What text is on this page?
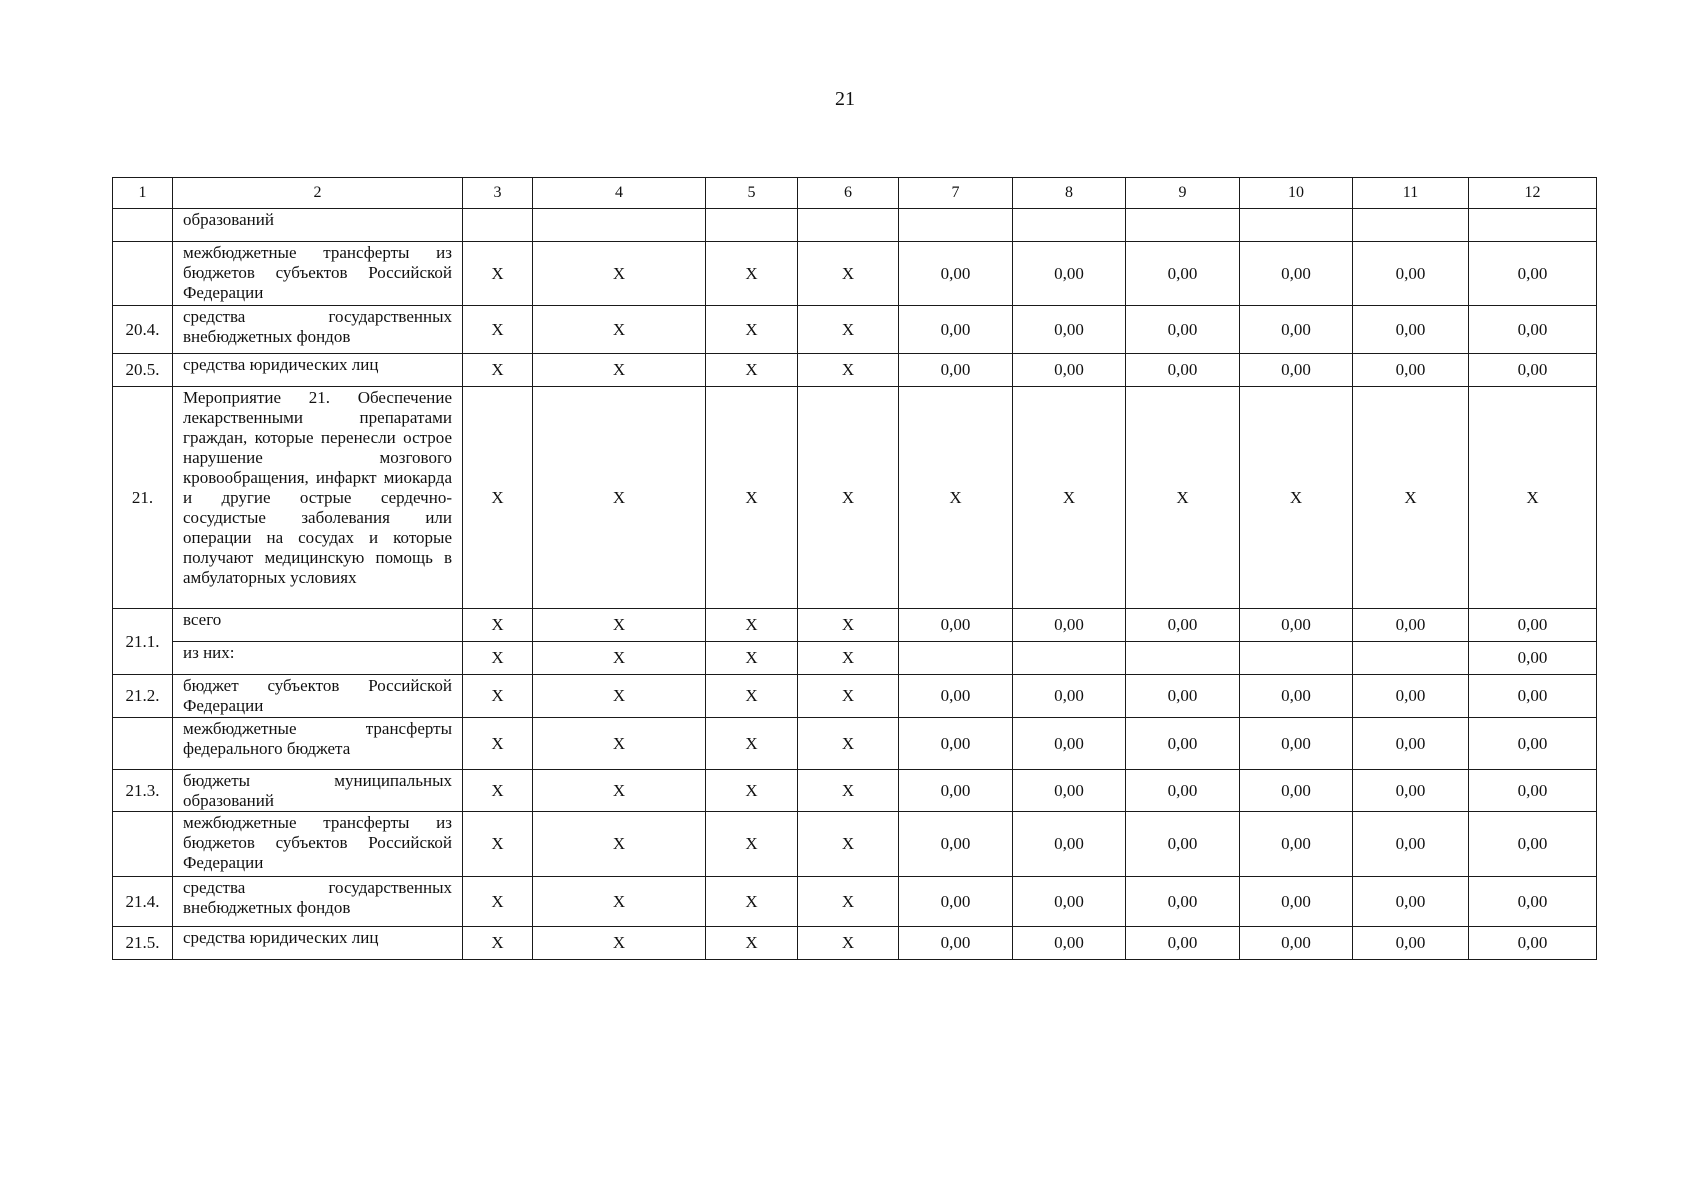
21
1	2	3	4	5	6	7	8	9	10	11	12
	образований										
	межбюджетные трансферты из бюджетов субъектов Российской Федерации	X	X	X	X	0,00	0,00	0,00	0,00	0,00	0,00
20.4.	средства государственных внебюджетных фондов	X	X	X	X	0,00	0,00	0,00	0,00	0,00	0,00
20.5.	средства юридических лиц	X	X	X	X	0,00	0,00	0,00	0,00	0,00	0,00
21.	Мероприятие 21. Обеспечение лекарственными препаратами граждан, которые перенесли острое нарушение мозгового кровообращения, инфаркт миокарда и другие острые сердечно-сосудистые заболевания или операции на сосудах и которые получают медицинскую помощь в амбулаторных условиях	X	X	X	X	X	X	X	X	X	X
21.1.	всего	X	X	X	X	0,00	0,00	0,00	0,00	0,00	0,00
	из них:	X	X	X	X						0,00
21.2.	бюджет субъектов Российской Федерации	X	X	X	X	0,00	0,00	0,00	0,00	0,00	0,00
	межбюджетные трансферты федерального бюджета	X	X	X	X	0,00	0,00	0,00	0,00	0,00	0,00
21.3.	бюджеты муниципальных образований	X	X	X	X	0,00	0,00	0,00	0,00	0,00	0,00
	межбюджетные трансферты из бюджетов субъектов Российской Федерации	X	X	X	X	0,00	0,00	0,00	0,00	0,00	0,00
21.4.	средства государственных внебюджетных фондов	X	X	X	X	0,00	0,00	0,00	0,00	0,00	0,00
21.5.	средства юридических лиц	X	X	X	X	0,00	0,00	0,00	0,00	0,00	0,00
